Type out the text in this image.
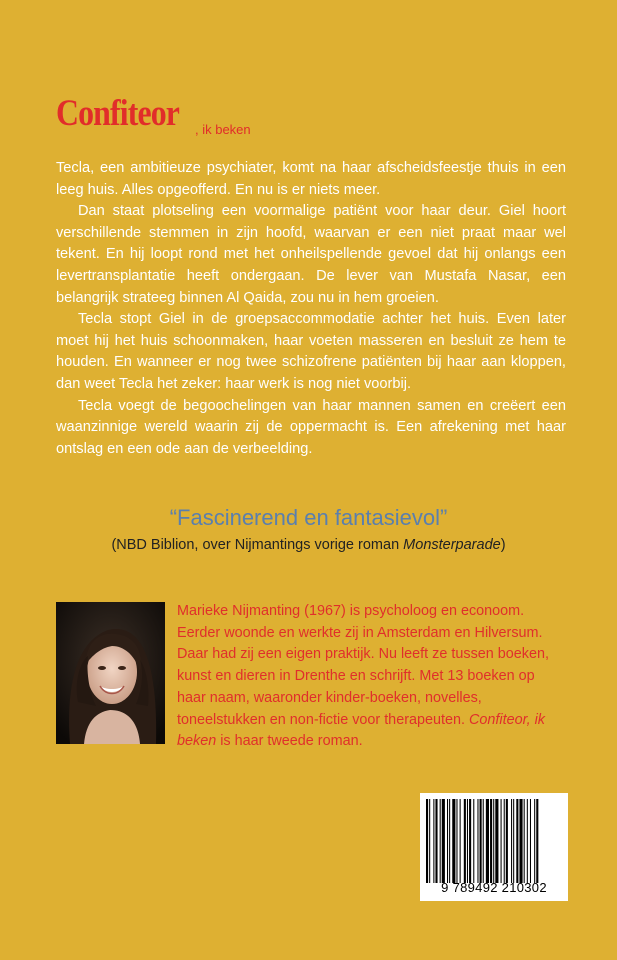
Confiteor , ik beken

Tecla, een ambitieuze psychiater, komt na haar afscheidsfeestje thuis in een leeg huis. Alles opgeofferd. En nu is er niets meer.

Dan staat plotseling een voormalige patiënt voor haar deur. Giel hoort verschillende stemmen in zijn hoofd, waarvan er een niet praat maar wel tekent. En hij loopt rond met het onheilspellende gevoel dat hij onlangs een levertransplantatie heeft ondergaan. De lever van Mustafa Nasar, een belangrijk strateeg binnen Al Qaida, zou nu in hem groeien.

Tecla stopt Giel in de groepsaccommodatie achter het huis. Even later moet hij het huis schoonmaken, haar voeten masseren en besluit ze hem te houden. En wanneer er nog twee schizofrene patiënten bij haar aan kloppen, dan weet Tecla het zeker: haar werk is nog niet voorbij.

Tecla voegt de begoochelingen van haar mannen samen en creëert een waanzinnige wereld waarin zij de oppermacht is. Een afrekening met haar ontslag en een ode aan de verbeelding.

“Fascinerend en fantasievol”
(NBD Biblion, over Nijmantings vorige roman Monsterparade)
Marieke Nijmanting (1967) is psycholoog en econoom. Eerder woonde en werkte zij in Amsterdam en Hilversum. Daar had zij een eigen praktijk. Nu leeft ze tussen boeken, kunst en dieren in Drenthe en schrijft. Met 13 boeken op haar naam, waaronder kinder-boeken, novelles, toneelstukken en non-fictie voor therapeuten. Confiteor, ik beken is haar tweede roman.
9 789492 210302
